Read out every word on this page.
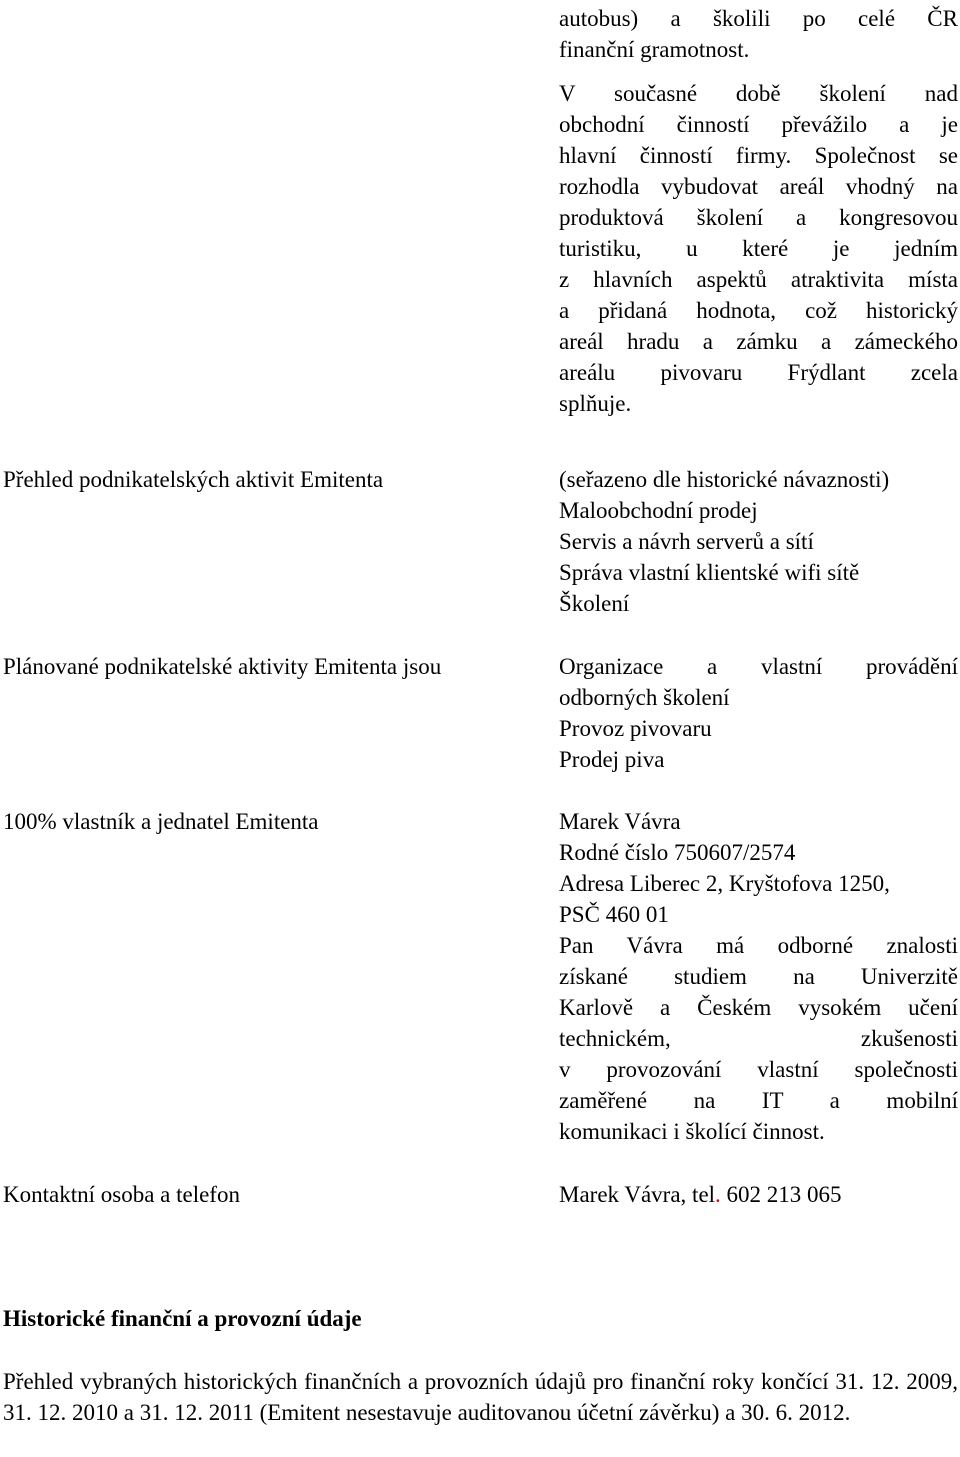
autobus) a školili po celé ČR
finanční gramotnost.
V současné době školení nad
obchodní činností převážilo a je
hlavní činností firmy. Společnost se
rozhodla vybudovat areál vhodný na
produktová školení a kongresovou
turistiku, u které je jedním
z hlavních aspektů atraktivita místa
a přidaná hodnota, což historický
areál hradu a zámku a zámeckého
areálu pivovaru Frýdlant zcela
splňuje.
Přehled podnikatelských aktivit Emitenta	(seřazeno dle historické návaznosti)
Maloobchodní prodej
Servis a návrh serverů a sítí
Správa vlastní klientské wifi sítě
Školení
Plánované podnikatelské aktivity Emitenta jsou	Organizace a vlastní provádění
odborných školení
Provoz pivovaru
Prodej piva
100% vlastník a jednatel Emitenta	Marek Vávra
Rodné číslo 750607/2574
Adresa Liberec 2, Kryštofova 1250,
PSČ 460 01
Pan Vávra má odborné znalosti
získané studiem na Univerzitě
Karlově a Českém vysokém učení
technickém, zkušenosti
v provozování vlastní společnosti
zaměřené na IT a mobilní
komunikaci i školící činnost.
Kontaktní osoba a telefon	Marek Vávra, tel. 602 213 065
Historické finanční a provozní údaje
Přehled vybraných historických finančních a provozních údajů pro finanční roky končící 31. 12. 2009, 31. 12. 2010 a 31. 12. 2011 (Emitent nesestavuje auditovanou účetní závěrku) a 30. 6. 2012.
